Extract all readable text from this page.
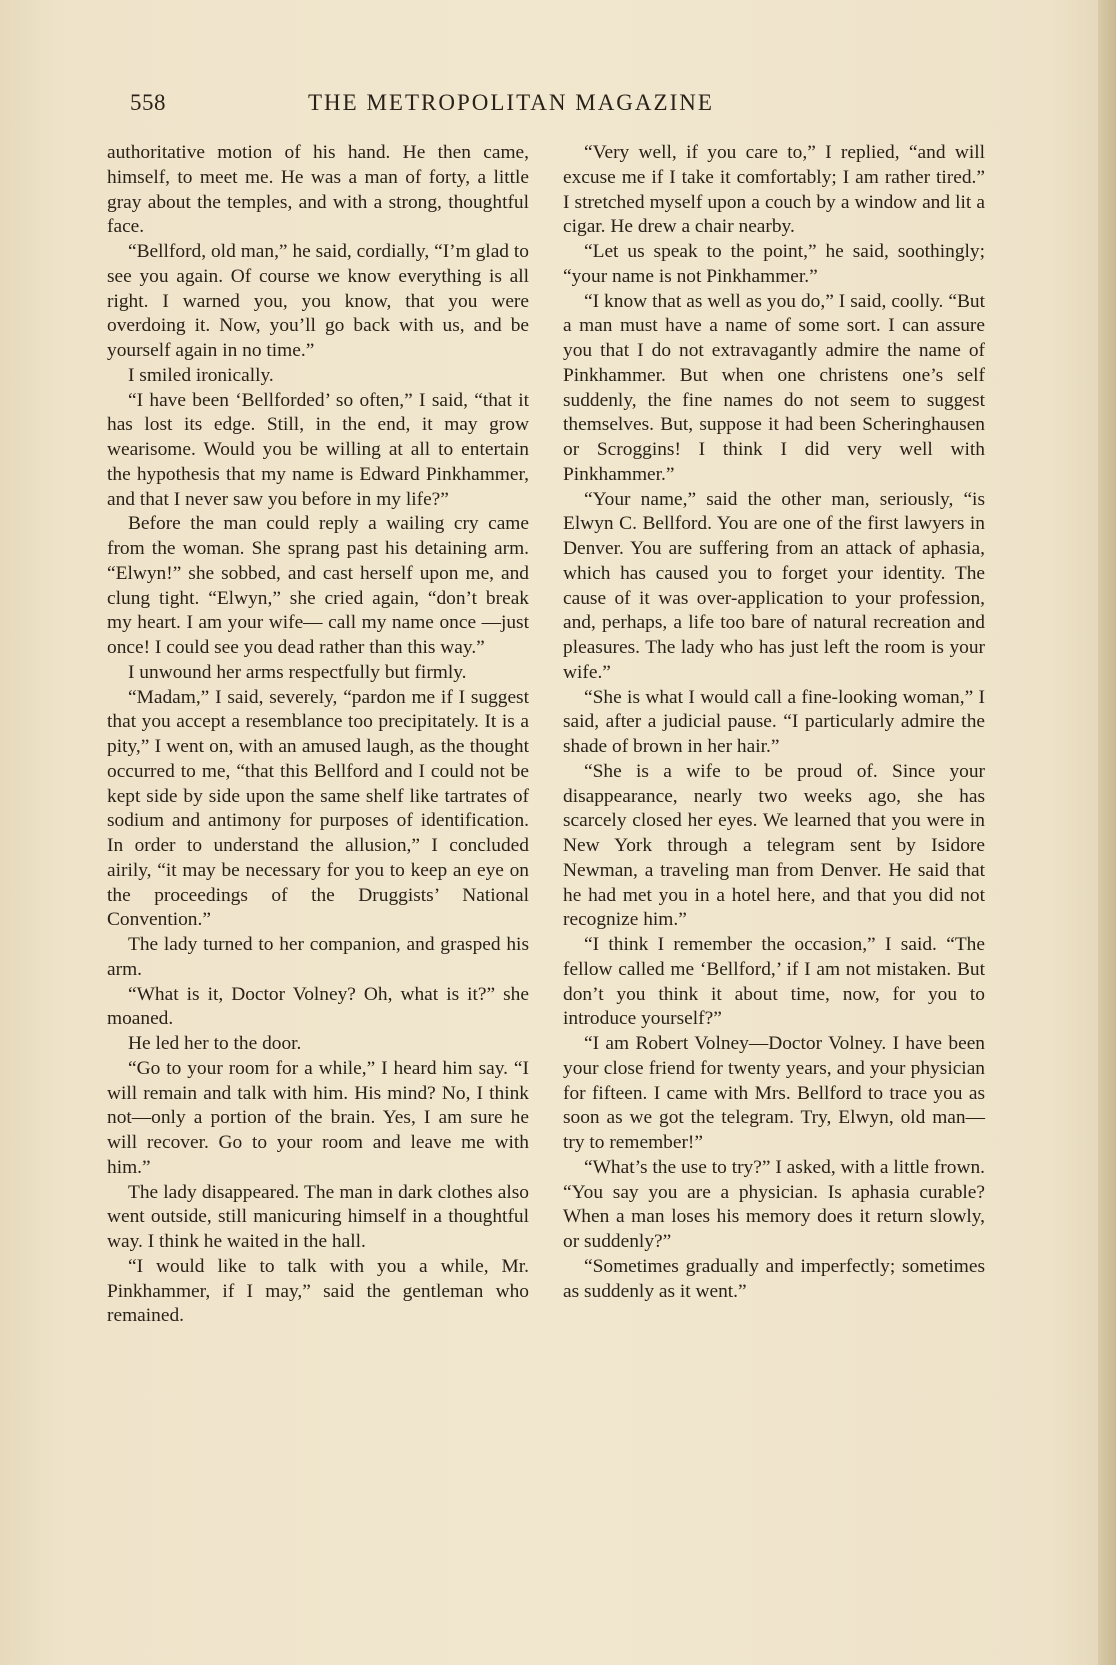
558	THE METROPOLITAN MAGAZINE

authoritative motion of his hand. He then came, himself, to meet me. He was a man of forty, a little gray about the temples, and with a strong, thoughtful face.

“Bellford, old man,” he said, cordially, “I’m glad to see you again. Of course we know everything is all right. I warned you, you know, that you were overdoing it. Now, you’ll go back with us, and be yourself again in no time.”

I smiled ironically.

“I have been ‘Bellforded’ so often,” I said, “that it has lost its edge. Still, in the end, it may grow wearisome. Would you be willing at all to entertain the hypothesis that my name is Edward Pinkhammer, and that I never saw you before in my life?”

Before the man could reply a wailing cry came from the woman. She sprang past his detaining arm. “Elwyn!” she sobbed, and cast herself upon me, and clung tight. “Elwyn,” she cried again, “don’t break my heart. I am your wife— call my name once —just once! I could see you dead rather than this way.”

I unwound her arms respectfully but firmly.

“Madam,” I said, severely, “pardon me if I suggest that you accept a resemblance too precipitately. It is a pity,” I went on, with an amused laugh, as the thought occurred to me, “that this Bellford and I could not be kept side by side upon the same shelf like tartrates of sodium and antimony for purposes of identification. In order to understand the allusion,” I concluded airily, “it may be necessary for you to keep an eye on the proceedings of the Druggists’ National Convention.”

The lady turned to her companion, and grasped his arm.

“What is it, Doctor Volney? Oh, what is it?” she moaned.

He led her to the door.

“Go to your room for a while,” I heard him say. “I will remain and talk with him. His mind? No, I think not—only a portion of the brain. Yes, I am sure he will recover. Go to your room and leave me with him.”

The lady disappeared. The man in dark clothes also went outside, still manicuring himself in a thoughtful way. I think he waited in the hall.

“I would like to talk with you a while, Mr. Pinkhammer, if I may,” said the gentleman who remained.

“Very well, if you care to,” I replied, “and will excuse me if I take it comfortably; I am rather tired.” I stretched myself upon a couch by a window and lit a cigar. He drew a chair nearby.

“Let us speak to the point,” he said, soothingly; “your name is not Pinkhammer.”

“I know that as well as you do,” I said, coolly. “But a man must have a name of some sort. I can assure you that I do not extravagantly admire the name of Pinkhammer. But when one christens one’s self suddenly, the fine names do not seem to suggest themselves. But, suppose it had been Scheringhausen or Scroggins! I think I did very well with Pinkhammer.”

“Your name,” said the other man, seriously, “is Elwyn C. Bellford. You are one of the first lawyers in Denver. You are suffering from an attack of aphasia, which has caused you to forget your identity. The cause of it was over-application to your profession, and, perhaps, a life too bare of natural recreation and pleasures. The lady who has just left the room is your wife.”

“She is what I would call a fine-looking woman,” I said, after a judicial pause. “I particularly admire the shade of brown in her hair.”

“She is a wife to be proud of. Since your disappearance, nearly two weeks ago, she has scarcely closed her eyes. We learned that you were in New York through a telegram sent by Isidore Newman, a traveling man from Denver. He said that he had met you in a hotel here, and that you did not recognize him.”

“I think I remember the occasion,” I said. “The fellow called me ‘Bellford,’ if I am not mistaken. But don’t you think it about time, now, for you to introduce yourself?”

“I am Robert Volney—Doctor Volney. I have been your close friend for twenty years, and your physician for fifteen. I came with Mrs. Bellford to trace you as soon as we got the telegram. Try, Elwyn, old man—try to remember!”

“What’s the use to try?” I asked, with a little frown. “You say you are a physician. Is aphasia curable? When a man loses his memory does it return slowly, or suddenly?”

“Sometimes gradually and imperfectly; sometimes as suddenly as it went.”
